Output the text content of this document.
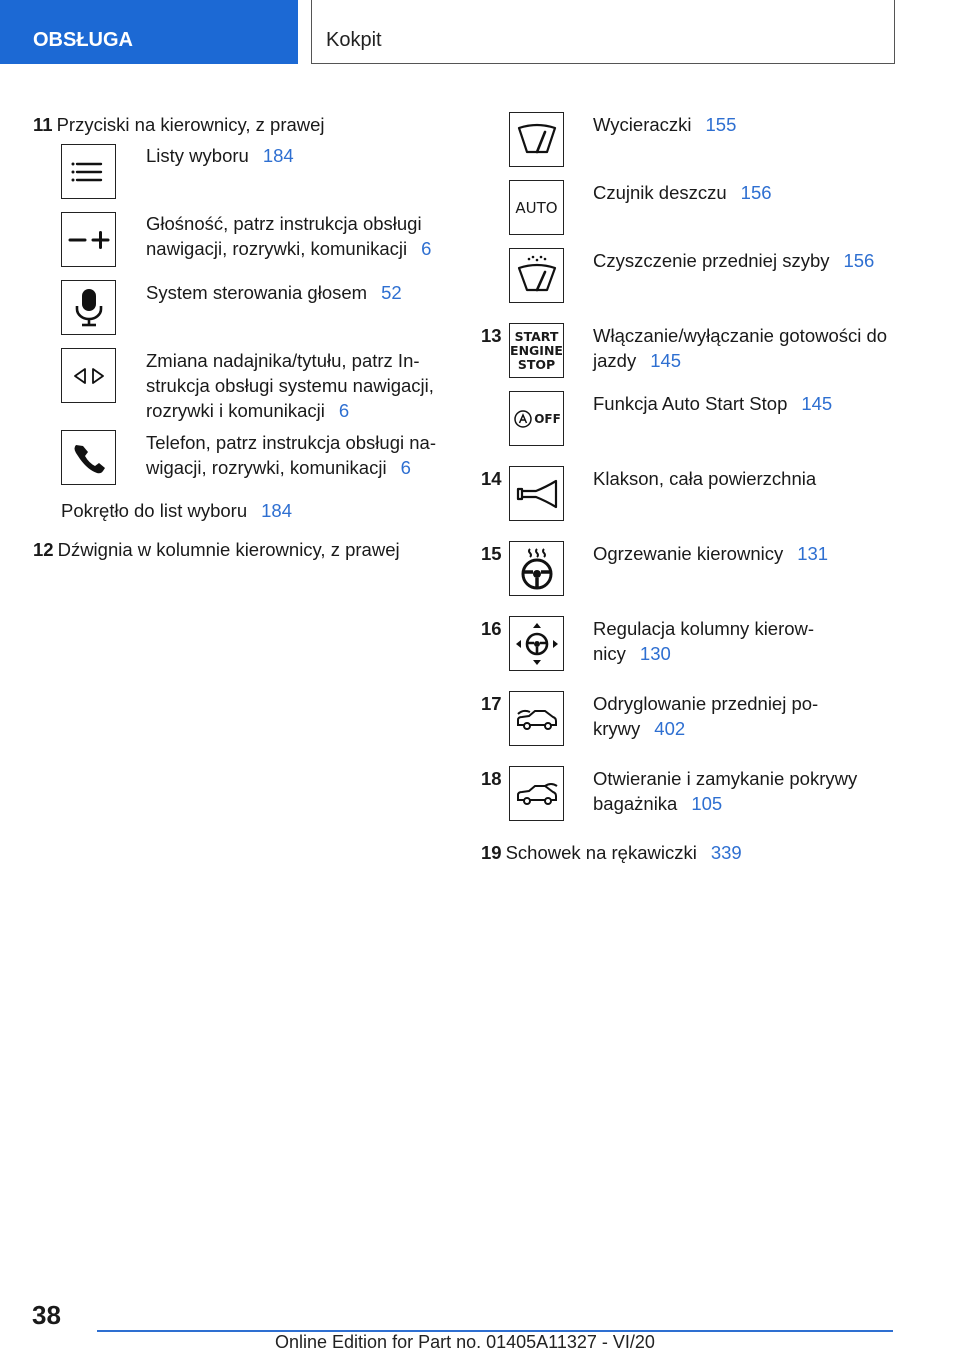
OBSŁUGA	Kokpit
11 Przyciski na kierownicy, z prawej
Listy wyboru 184
Głośność, patrz instrukcja obsługi
nawigacji, rozrywki, komunikacji 6
System sterowania głosem 52
Zmiana nadajnika/tytułu, patrz In-
strukcja obsługi systemu nawigacji,
rozrywki i komunikacji 6
Telefon, patrz instrukcja obsługi na-
wigacji, rozrywki, komunikacji 6
Pokrętło do list wyboru 184
12 Dźwignia w kolumnie kierownicy, z prawej
Wycieraczki 155
AUTO
Czujnik deszczu 156
Czyszczenie przedniej szyby 156
13 START
ENGINE
STOP
Włączanie/wyłączanie gotowości do
jazdy 145
OFF
Funkcja Auto Start Stop 145
14	Klakson, cała powierzchnia
15	Ogrzewanie kierownicy 131
16	Regulacja kolumny kierow-
nicy 130
17	Odryglowanie przedniej po-
krywy 402
18	Otwieranie i zamykanie pokrywy
bagażnika 105
19 Schowek na rękawiczki 339
38
Online Edition for Part no. 01405A11327 - VI/20
